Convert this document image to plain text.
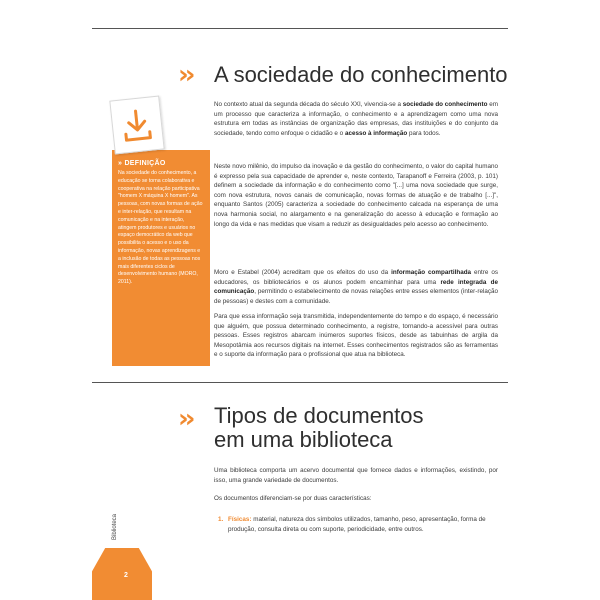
›› A sociedade do conhecimento

No contexto atual da segunda década do século XXI, vivencia-se a sociedade do conhecimento em um processo que caracteriza a informação, o conhecimento e a aprendizagem como uma nova estrutura em todas as instâncias de organização das empresas, das instituições e do conjunto da sociedade, tendo como enfoque o cidadão e o acesso à informação para todos.

Neste novo milênio, do impulso da inovação e da gestão do conhecimento, o valor do capital humano é expresso pela sua capacidade de aprender e, neste contexto, Tarapanoff e Ferreira (2003, p. 101) definem a sociedade da informação e do conhecimento como "[...] uma nova sociedade que surge, com nova estrutura, novos canais de comunicação, novas formas de atuação e de trabalho [...]", enquanto Santos (2005) caracteriza a sociedade do conhecimento calcada na esperança de uma nova harmonia social, no alargamento e na generalização do acesso à educação e formação ao longo da vida e nas medidas que visam a reduzir as desigualdades pelo acesso ao conhecimento.

Moro e Estabel (2004) acreditam que os efeitos do uso da informação compartilhada entre os educadores, os bibliotecários e os alunos podem encaminhar para uma rede integrada de comunicação, permitindo o estabelecimento de novas relações entre esses elementos (inter-relação de pessoas) e destes com a comunidade.

Para que essa informação seja transmitida, independentemente do tempo e do espaço, é necessário que alguém, que possua determinado conhecimento, a registre, tornando-a acessível para outras pessoas. Esses registros abarcam inúmeros suportes físicos, desde as tabuinhas de argila da Mesopotâmia aos recursos digitais na internet. Esses conhecimentos registrados são as ferramentas e o suporte da informação para o profissional que atua na biblioteca.

» DEFINIÇÃO

Na sociedade do conhecimento, a educação se torna colaborativa e cooperativa na relação participativa "homem X máquina X homem". As pessoas, com novas formas de ação e inter-relação, que resultam na comunicação e na interação, atingem produtores e usuários no espaço democrático da web que possibilita o acesso e o uso da informação, novas aprendizagens e a inclusão de todas as pessoas nos mais diferentes ciclos de desenvolvimento humano (MORO, 2011).

›› Tipos de documentos
em uma biblioteca

Uma biblioteca comporta um acervo documental que fornece dados e informações, existindo, por isso, uma grande variedade de documentos.

Os documentos diferenciam-se por duas características:

1. Físicas: material, natureza dos símbolos utilizados, tamanho, peso, apresentação, forma de produção, consulta direta ou com suporte, periodicidade, entre outros.
Biblioteca
2
